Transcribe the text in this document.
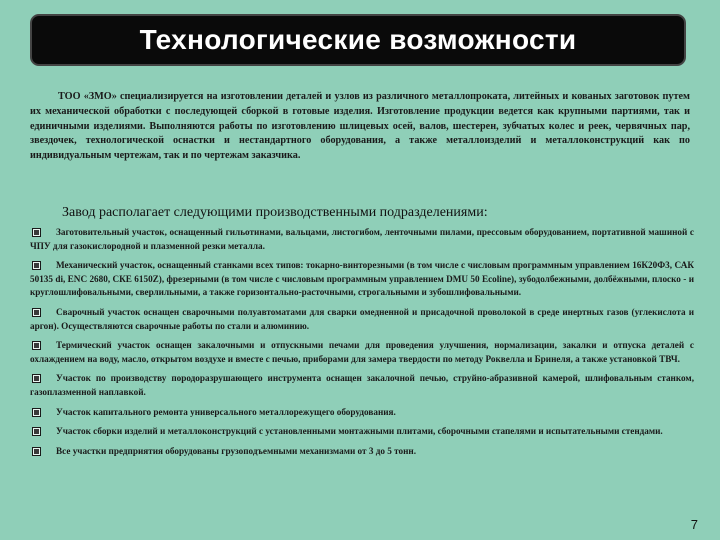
Технологические возможности

ТОО «ЗМО» специализируется на изготовлении деталей и узлов из различного металлопроката, литейных и кованых заготовок путем их механической обработки с последующей сборкой в готовые изделия. Изготовление продукции ведется как крупными партиями, так и единичными изделиями. Выполняются работы по изготовлению шлицевых осей, валов, шестерен, зубчатых колес и реек, червячных пар, звездочек, технологической оснастки и нестандартного оборудования, а также металлоизделий и металлоконструкций как по индивидуальным чертежам, так и по чертежам заказчика.

Завод располагает следующими производственными подразделениями:

Заготовительный участок, оснащенный гильотинами, вальцами, листогибом, ленточными пилами, прессовым оборудованием, портативной машиной с ЧПУ для газокислородной и плазменной резки металла.
Механический участок, оснащенный станками всех типов: токарно-винторезными (в том числе с числовым программным управлением 16К20Ф3, САК 50135 di, ENC 2680, СКЕ 6150Z), фрезерными (в том числе с числовым программным управлением DMU 50 Ecoline), зубодолбежными, долбёжными, плоско - и круглошлифовальными, сверлильными, а также горизонтально-расточными, строгальными и зубошлифовальными.
Сварочный участок оснащен сварочными полуавтоматами для сварки омедненной и присадочной проволокой в среде инертных газов (углекислота и аргон). Осуществляются сварочные работы по стали и алюминию.
Термический участок оснащен закалочными и отпускными печами для проведения улучшения, нормализации, закалки и отпуска деталей с охлаждением на воду, масло, открытом воздухе и вместе с печью, приборами для замера твердости по методу Роквелла и Бринеля, а также установкой ТВЧ.
Участок по производству породоразрушающего инструмента оснащен закалочной печью, струйно-абразивной камерой, шлифовальным станком, газоплазменной наплавкой.
Участок капитального ремонта универсального металлорежущего оборудования.
Участок сборки изделий и металлоконструкций с установленными монтажными плитами, сборочными стапелями и испытательными стендами.
Все участки предприятия оборудованы грузоподъемными механизмами от 3 до 5 тонн.
7
